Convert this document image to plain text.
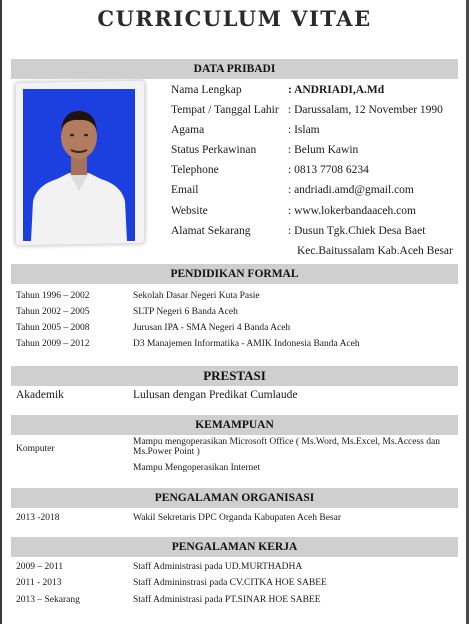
CURRICULUM VITAE
DATA PRIBADI
Nama Lengkap	: ANDRIADI,A.Md
Tempat / Tanggal Lahir : Darussalam, 12 November 1990
Agama	: Islam
Status Perkawinan	: Belum Kawin
Telephone	: 0813 7708 6234
Email	: andriadi.amd@gmail.com
Website	: www.lokerbandaaceh.com
Alamat Sekarang	: Dusun Tgk.Chiek Desa Baet
Kec.Baitussalam Kab.Aceh Besar
PENDIDIKAN FORMAL
Tahun 1996 – 2002	Sekolah Dasar Negeri Kuta Pasie
Tahun 2002 – 2005	SLTP Negeri 6 Banda Aceh
Tahun 2005 – 2008	Jurusan IPA - SMA Negeri 4 Banda Aceh
Tahun 2009 – 2012	D3 Manajemen Informatika - AMIK Indonesia Banda Aceh
PRESTASI
Akademik	Lulusan dengan Predikat Cumlaude
KEMAMPUAN
Komputer
Mampu mengoperasikan Microsoft Office ( Ms.Word, Ms.Excel, Ms.Access dan Ms.Power Point )
Mampu Mengoperasikan Internet
PENGALAMAN ORGANISASI
2013 -2018	Wakil Sekretaris DPC Organda Kabupaten Aceh Besar
PENGALAMAN KERJA
2009 – 2011	Staff Administrasi pada UD.MURTHADHA
2011 - 2013	Staff Admininstrasi pada CV.CITKA HOE SABEE
2013 – Sekarang	Staff Administrasi pada PT.SINAR HOE SABEE
